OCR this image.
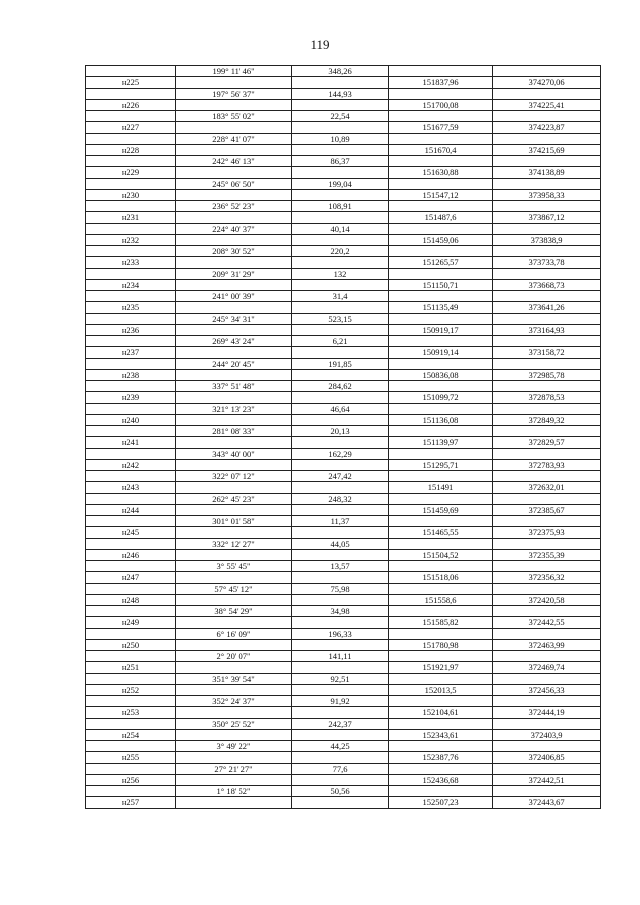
119
	199° 11' 46"	348,26		
н225			151837,96	374270,06
	197° 56' 37"	144,93		
н226			151700,08	374225,41
	183° 55' 02"	22,54		
н227			151677,59	374223,87
	228° 41' 07"	10,89		
н228			151670,4	374215,69
	242° 46' 13"	86,37		
н229			151630,88	374138,89
	245° 06' 50"	199,04		
н230			151547,12	373958,33
	236° 52' 23"	108,91		
н231			151487,6	373867,12
	224° 40' 37"	40,14		
н232			151459,06	373838,9
	208° 30' 52"	220,2		
н233			151265,57	373733,78
	209° 31' 29"	132		
н234			151150,71	373668,73
	241° 00' 39"	31,4		
н235			151135,49	373641,26
	245° 34' 31"	523,15		
н236			150919,17	373164,93
	269° 43' 24"	6,21		
н237			150919,14	373158,72
	244° 20' 45"	191,85		
н238			150836,08	372985,78
	337° 51' 48"	284,62		
н239			151099,72	372878,53
	321° 13' 23"	46,64		
н240			151136,08	372849,32
	281° 08' 33"	20,13		
н241			151139,97	372829,57
	343° 40' 00"	162,29		
н242			151295,71	372783,93
	322° 07' 12"	247,42		
н243			151491	372632,01
	262° 45' 23"	248,32		
н244			151459,69	372385,67
	301° 01' 58"	11,37		
н245			151465,55	372375,93
	332° 12' 27"	44,05		
н246			151504,52	372355,39
	3° 55' 45"	13,57		
н247			151518,06	372356,32
	57° 45' 12"	75,98		
н248			151558,6	372420,58
	38° 54' 29"	34,98		
н249			151585,82	372442,55
	6° 16' 09"	196,33		
н250			151780,98	372463,99
	2° 20' 07"	141,11		
н251			151921,97	372469,74
	351° 39' 54"	92,51		
н252			152013,5	372456,33
	352° 24' 37"	91,92		
н253			152104,61	372444,19
	350° 25' 52"	242,37		
н254			152343,61	372403,9
	3° 49' 22"	44,25		
н255			152387,76	372406,85
	27° 21' 27"	77,6		
н256			152436,68	372442,51
	1° 18' 52"	50,56		
н257			152507,23	372443,67
